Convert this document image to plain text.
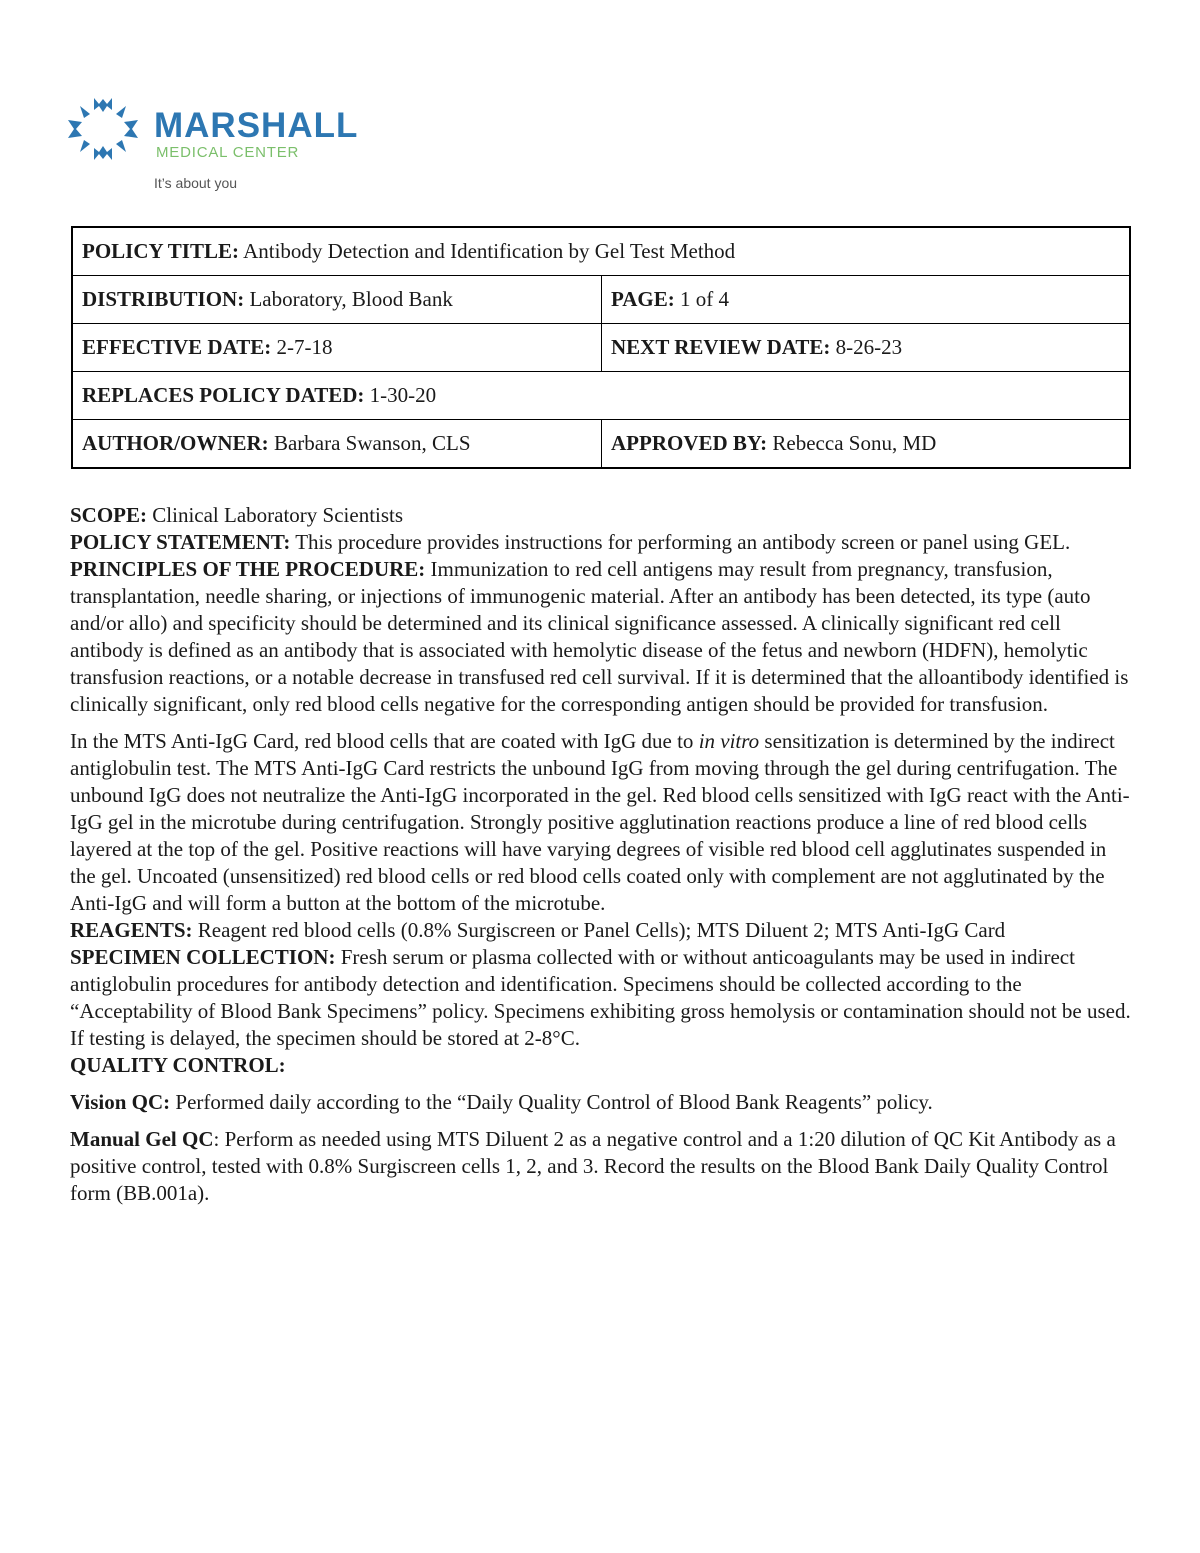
MARSHALL
MEDICAL CENTER
It’s about you
POLICY TITLE: Antibody Detection and Identification by Gel Test Method	
DISTRIBUTION: Laboratory, Blood Bank	PAGE: 1 of 4
EFFECTIVE DATE: 2-7-18	NEXT REVIEW DATE: 8-26-23
REPLACES POLICY DATED: 1-30-20	
AUTHOR/OWNER: Barbara Swanson, CLS	APPROVED BY: Rebecca Sonu, MD

SCOPE: Clinical Laboratory Scientists

POLICY STATEMENT: This procedure provides instructions for performing an antibody screen or panel using GEL.

PRINCIPLES OF THE PROCEDURE: Immunization to red cell antigens may result from pregnancy, transfusion, transplantation, needle sharing, or injections of immunogenic material. After an antibody has been detected, its type (auto and/or allo) and specificity should be determined and its clinical significance assessed. A clinically significant red cell antibody is defined as an antibody that is associated with hemolytic disease of the fetus and newborn (HDFN), hemolytic transfusion reactions, or a notable decrease in transfused red cell survival. If it is determined that the alloantibody identified is clinically significant, only red blood cells negative for the corresponding antigen should be provided for transfusion.

In the MTS Anti-IgG Card, red blood cells that are coated with IgG due to in vitro sensitization is determined by the indirect antiglobulin test. The MTS Anti-IgG Card restricts the unbound IgG from moving through the gel during centrifugation. The unbound IgG does not neutralize the Anti-IgG incorporated in the gel. Red blood cells sensitized with IgG react with the Anti-IgG gel in the microtube during centrifugation. Strongly positive agglutination reactions produce a line of red blood cells layered at the top of the gel. Positive reactions will have varying degrees of visible red blood cell agglutinates suspended in the gel. Uncoated (unsensitized) red blood cells or red blood cells coated only with complement are not agglutinated by the Anti-IgG and will form a button at the bottom of the microtube.

REAGENTS: Reagent red blood cells (0.8% Surgiscreen or Panel Cells); MTS Diluent 2; MTS Anti-IgG Card

SPECIMEN COLLECTION: Fresh serum or plasma collected with or without anticoagulants may be used in indirect antiglobulin procedures for antibody detection and identification. Specimens should be collected according to the “Acceptability of Blood Bank Specimens” policy. Specimens exhibiting gross hemolysis or contamination should not be used. If testing is delayed, the specimen should be stored at 2-8°C.

QUALITY CONTROL:

Vision QC: Performed daily according to the “Daily Quality Control of Blood Bank Reagents” policy.

Manual Gel QC: Perform as needed using MTS Diluent 2 as a negative control and a 1:20 dilution of QC Kit Antibody as a positive control, tested with 0.8% Surgiscreen cells 1, 2, and 3. Record the results on the Blood Bank Daily Quality Control form (BB.001a).
